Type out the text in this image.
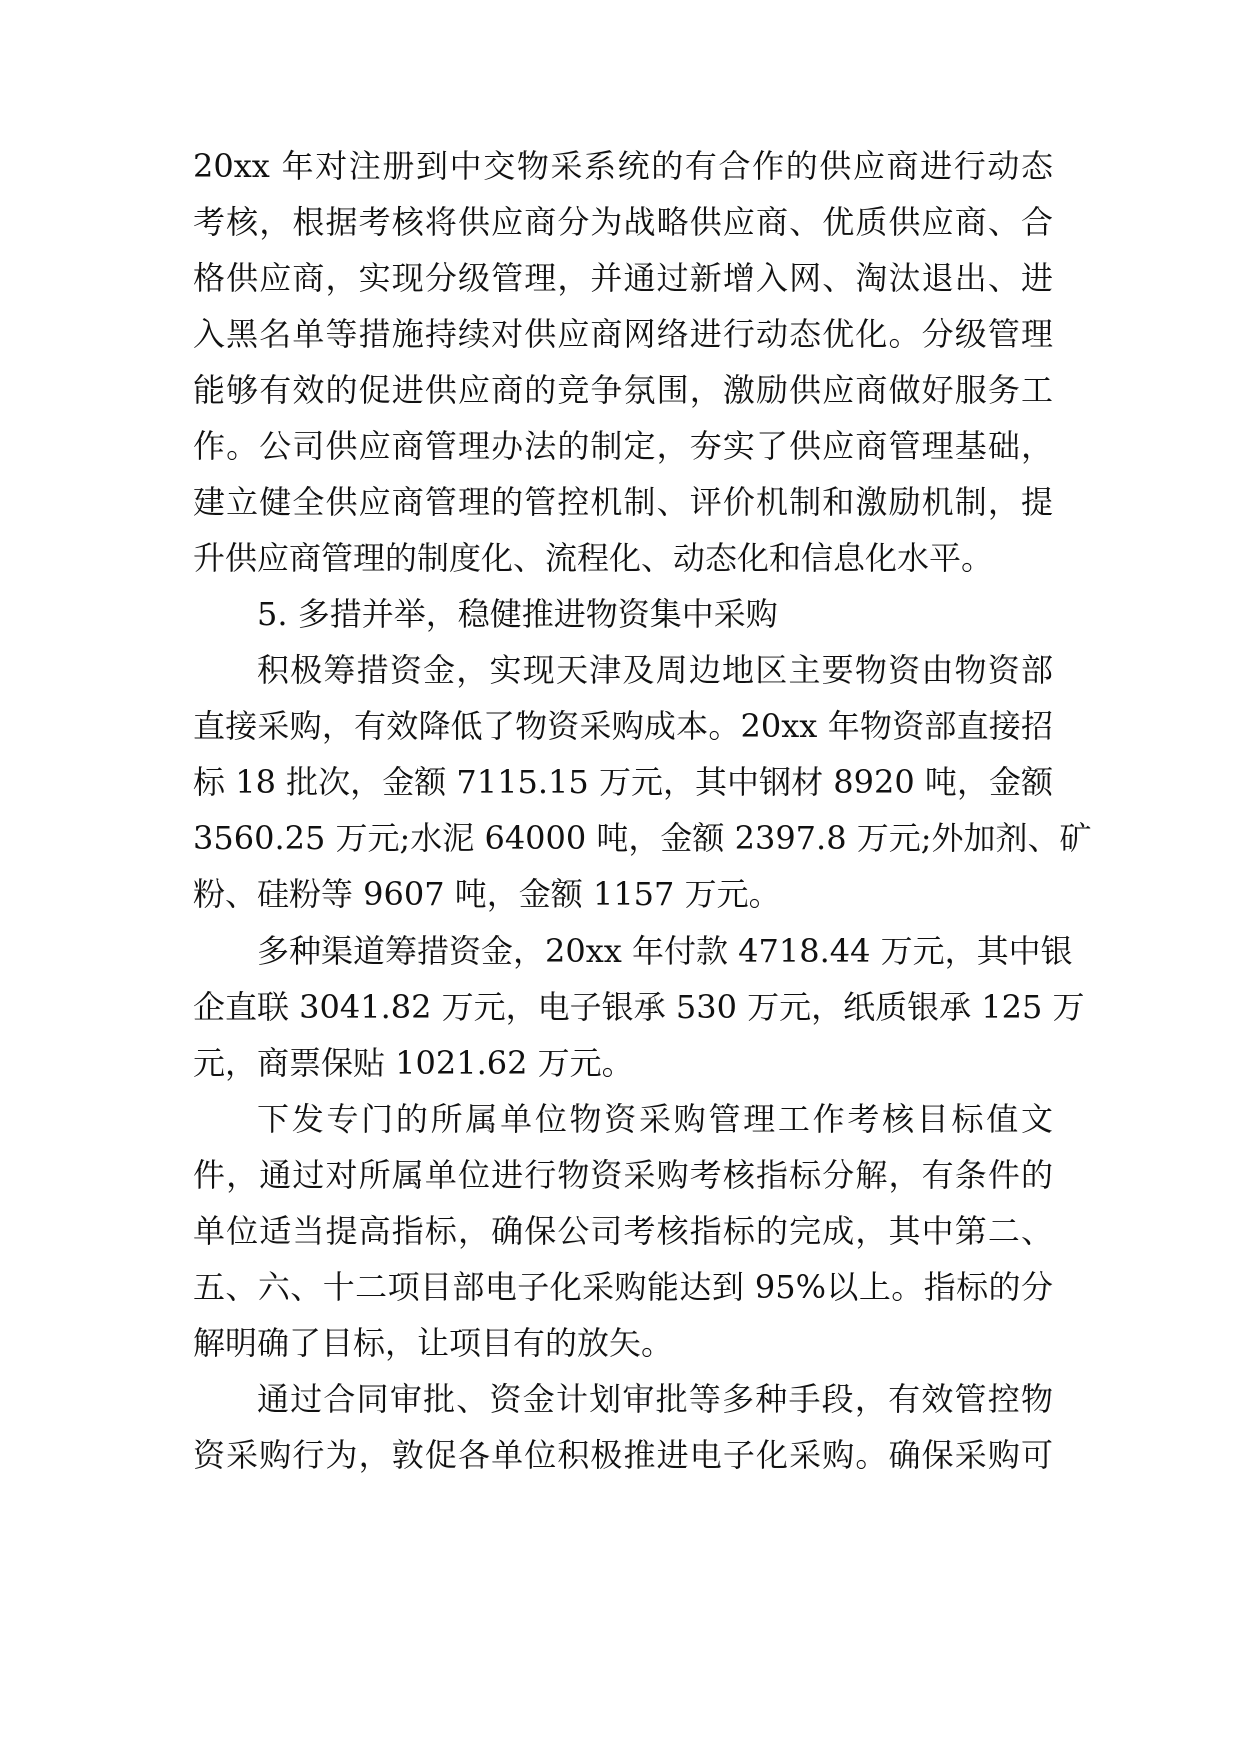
20xx 年对注册到中交物采系统的有合作的供应商进行动态
考核，根据考核将供应商分为战略供应商、优质供应商、合
格供应商，实现分级管理，并通过新增入网、淘汰退出、进
入黑名单等措施持续对供应商网络进行动态优化。分级管理
能够有效的促进供应商的竞争氛围，激励供应商做好服务工
作。公司供应商管理办法的制定，夯实了供应商管理基础，
建立健全供应商管理的管控机制、评价机制和激励机制，提
升供应商管理的制度化、流程化、动态化和信息化水平。
5. 多措并举，稳健推进物资集中采购
积极筹措资金，实现天津及周边地区主要物资由物资部
直接采购，有效降低了物资采购成本。20xx 年物资部直接招
标 18 批次，金额 7115.15 万元，其中钢材 8920 吨，金额
3560.25 万元;水泥 64000 吨，金额 2397.8 万元;外加剂、矿
粉、硅粉等 9607 吨，金额 1157 万元。
多种渠道筹措资金，20xx 年付款 4718.44 万元，其中银
企直联 3041.82 万元，电子银承 530 万元，纸质银承 125 万
元，商票保贴 1021.62 万元。
下发专门的所属单位物资采购管理工作考核目标值文
件，通过对所属单位进行物资采购考核指标分解，有条件的
单位适当提高指标，确保公司考核指标的完成，其中第二、
五、六、十二项目部电子化采购能达到 95%以上。指标的分
解明确了目标，让项目有的放矢。
通过合同审批、资金计划审批等多种手段，有效管控物
资采购行为，敦促各单位积极推进电子化采购。确保采购可
